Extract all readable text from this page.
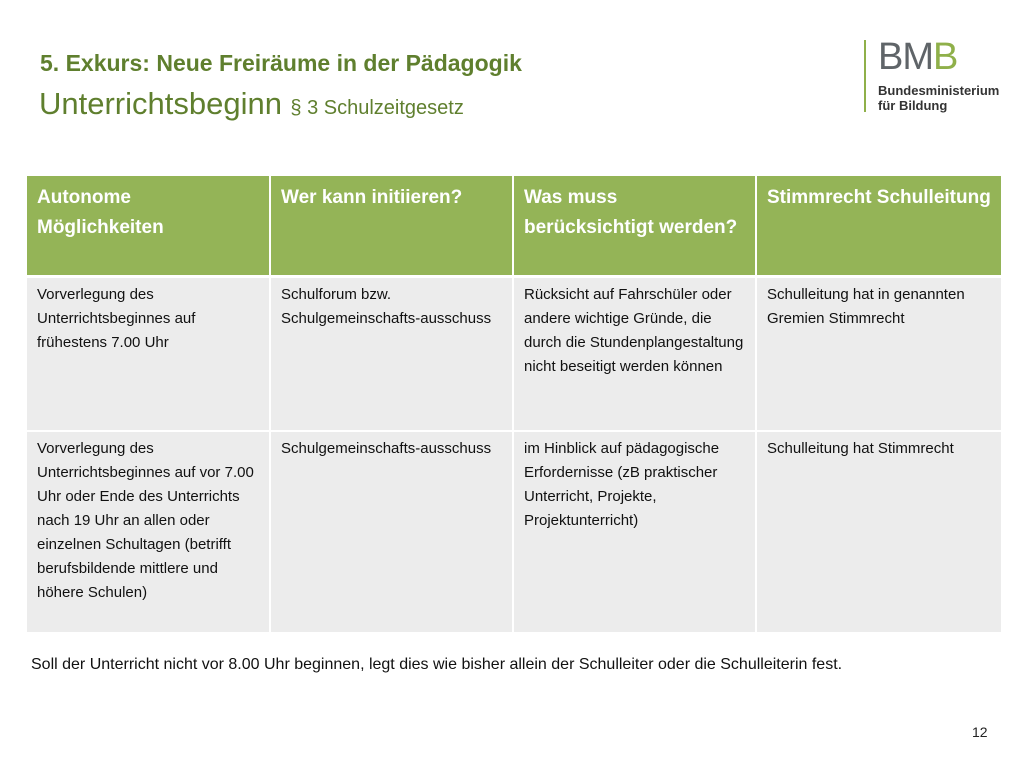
5. Exkurs: Neue Freiräume in der Pädagogik
Unterrichtsbeginn § 3 Schulzeitgesetz
BMB
Bundesministerium
für Bildung
Autonome Möglichkeiten	Wer kann initiieren?	Was muss berücksichtigt werden?	Stimmrecht Schulleitung
Vorverlegung des Unterrichtsbeginnes auf frühestens 7.00 Uhr	Schulforum bzw. Schulgemeinschafts-ausschuss	Rücksicht auf Fahrschüler oder andere wichtige Gründe, die durch die Stundenplangestaltung nicht beseitigt werden können	Schulleitung hat in genannten Gremien Stimmrecht
Vorverlegung des Unterrichtsbeginnes auf vor 7.00 Uhr oder Ende des Unterrichts nach 19 Uhr an allen oder einzelnen Schultagen (betrifft berufsbildende mittlere und höhere Schulen)	Schulgemeinschafts-ausschuss	im Hinblick auf pädagogische Erfordernisse (zB praktischer Unterricht, Projekte, Projektunterricht)	Schulleitung hat Stimmrecht
Soll der Unterricht nicht vor 8.00 Uhr beginnen, legt dies wie bisher allein der Schulleiter oder die Schulleiterin fest.
12
